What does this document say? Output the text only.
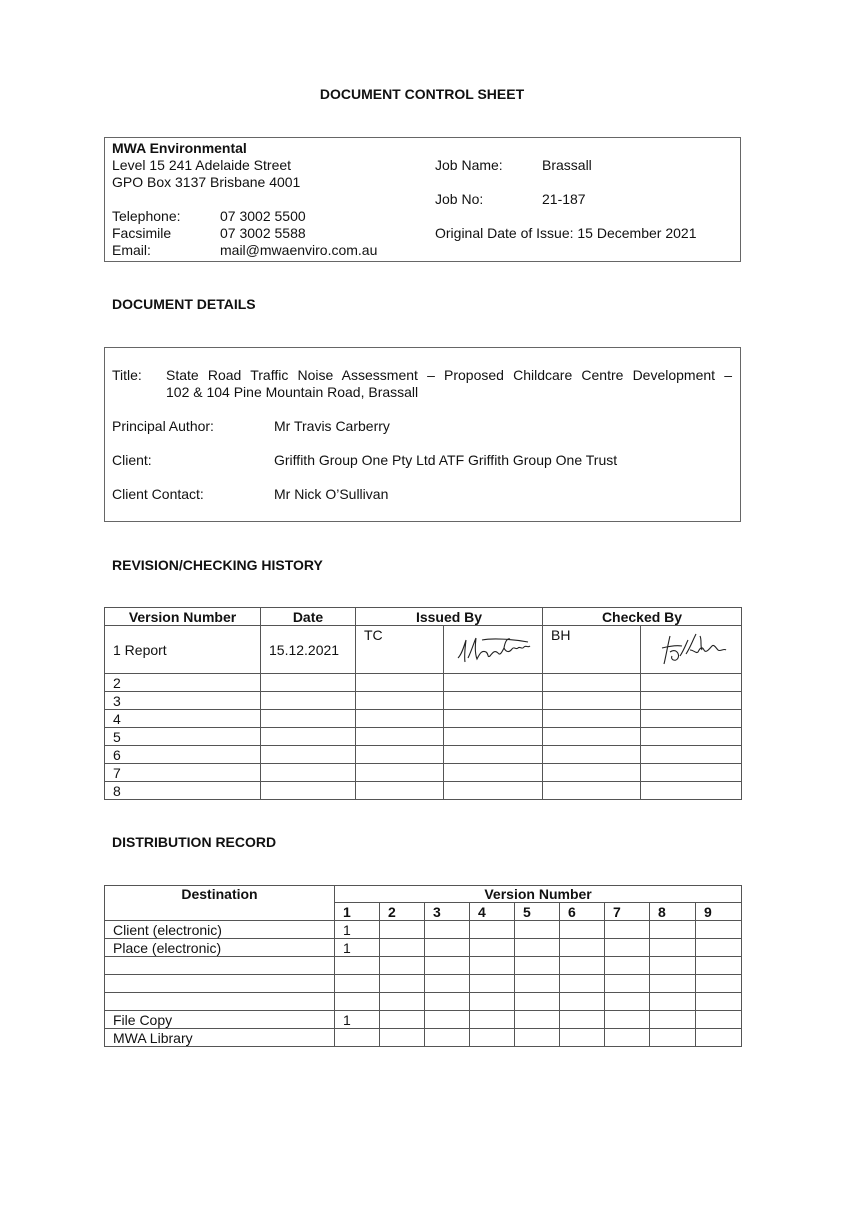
DOCUMENT CONTROL SHEET
MWA Environmental
Level 15 241 Adelaide Street
GPO Box 3137 Brisbane 4001
Telephone:	07 3002 5500
Facsimile	07 3002 5588
Email:	mail@mwaenviro.com.au
Job Name:	Brassall
Job No:	21-187
Original Date of Issue: 15 December 2021
DOCUMENT DETAILS
Title: State Road Traffic Noise Assessment – Proposed Childcare Centre Development –
102 & 104 Pine Mountain Road, Brassall
Principal Author:	Mr Travis Carberry
Client:	Griffith Group One Pty Ltd ATF Griffith Group One Trust
Client Contact:	Mr Nick O’Sullivan
REVISION/CHECKING HISTORY
Version Number	Date	Issued By		Checked By	
1 Report	15.12.2021	TC		BH	
2					
3					
4					
5					
6					
7					
8					
DISTRIBUTION RECORD
Destination	Version Number								
	1	2	3	4	5	6	7	8	9
Client (electronic)	1								
Place (electronic)	1								

File Copy	1								
MWA Library									
